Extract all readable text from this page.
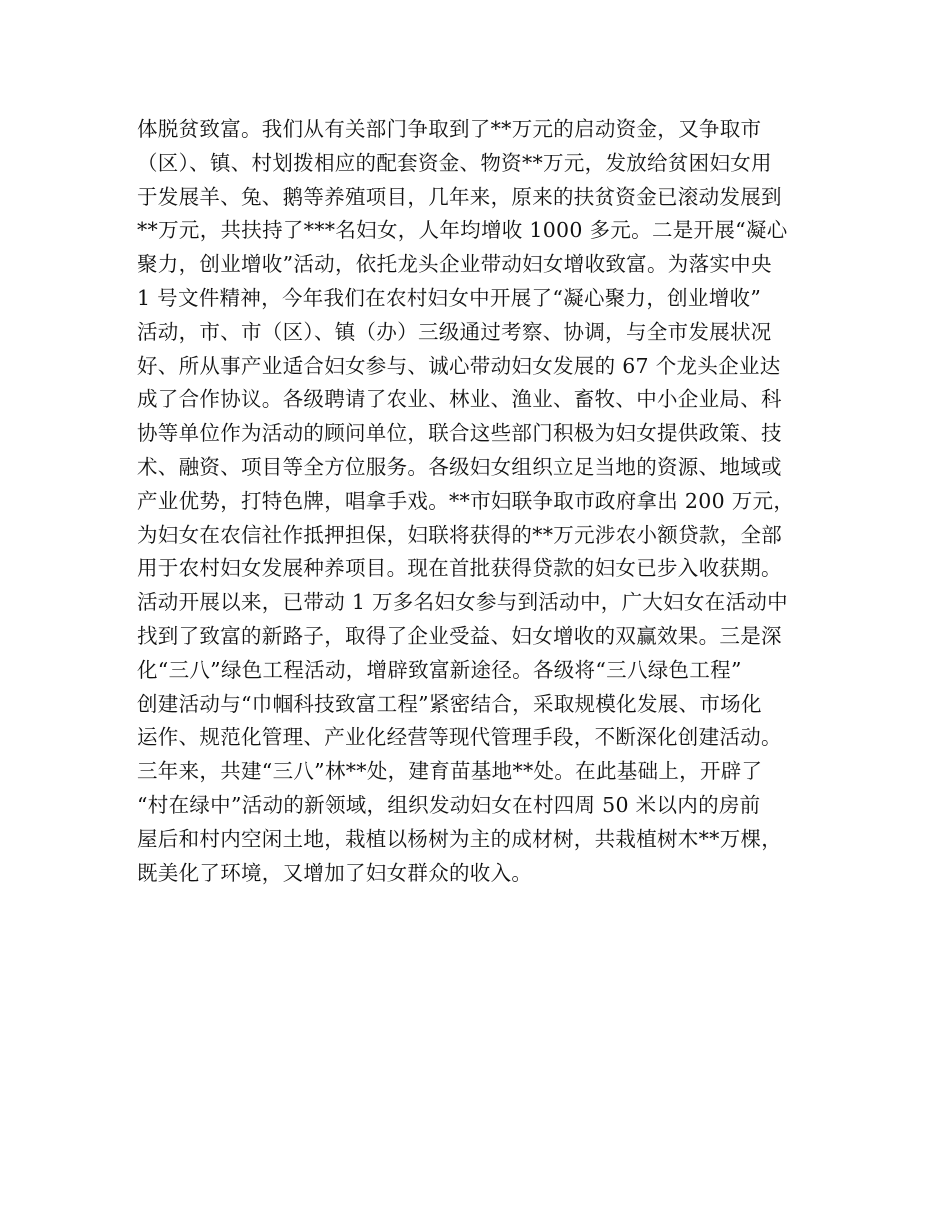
体脱贫致富。我们从有关部门争取到了**万元的启动资金，又争取市
（区）、镇、村划拨相应的配套资金、物资**万元，发放给贫困妇女用
于发展羊、兔、鹅等养殖项目，几年来，原来的扶贫资金已滚动发展到
**万元，共扶持了***名妇女，人年均增收 1000 多元。二是开展“凝心
聚力，创业增收”活动，依托龙头企业带动妇女增收致富。为落实中央
1 号文件精神，今年我们在农村妇女中开展了“凝心聚力，创业增收”
活动，市、市（区）、镇（办）三级通过考察、协调，与全市发展状况
好、所从事产业适合妇女参与、诚心带动妇女发展的 67 个龙头企业达
成了合作协议。各级聘请了农业、林业、渔业、畜牧、中小企业局、科
协等单位作为活动的顾问单位，联合这些部门积极为妇女提供政策、技
术、融资、项目等全方位服务。各级妇女组织立足当地的资源、地域或
产业优势，打特色牌，唱拿手戏。**市妇联争取市政府拿出 200 万元，
为妇女在农信社作抵押担保，妇联将获得的**万元涉农小额贷款，全部
用于农村妇女发展种养项目。现在首批获得贷款的妇女已步入收获期。
活动开展以来，已带动 1 万多名妇女参与到活动中，广大妇女在活动中
找到了致富的新路子，取得了企业受益、妇女增收的双赢效果。三是深
化“三八”绿色工程活动，增辟致富新途径。各级将“三八绿色工程”
创建活动与“巾帼科技致富工程”紧密结合，采取规模化发展、市场化
运作、规范化管理、产业化经营等现代管理手段，不断深化创建活动。
三年来，共建“三八”林**处，建育苗基地**处。在此基础上，开辟了
“村在绿中”活动的新领域，组织发动妇女在村四周 50 米以内的房前
屋后和村内空闲土地，栽植以杨树为主的成材树，共栽植树木**万棵，
既美化了环境，又增加了妇女群众的收入。
